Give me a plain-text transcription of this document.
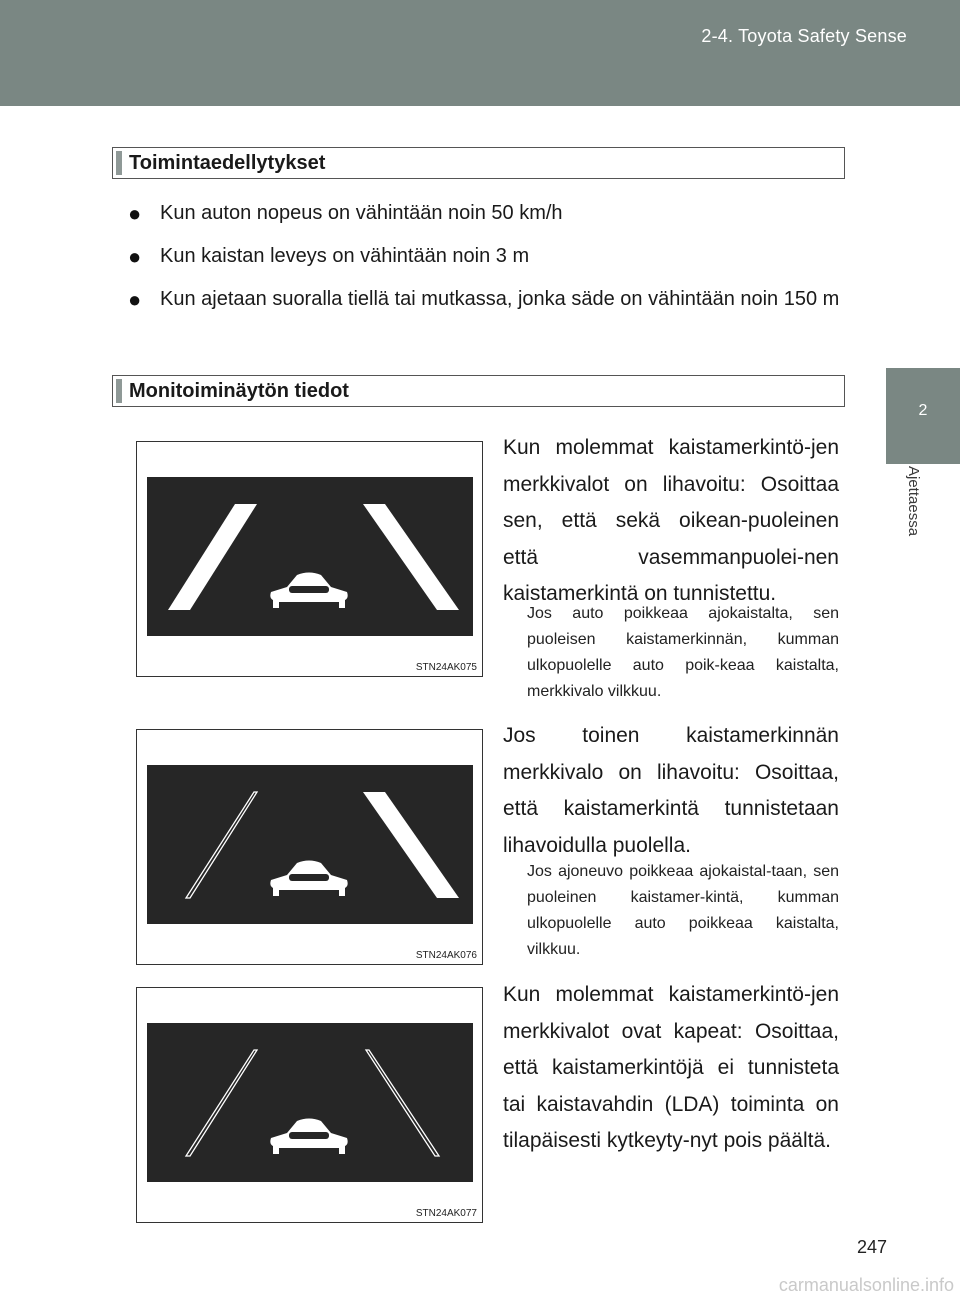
2-4. Toyota Safety Sense
2
Ajettaessa
Toimintaedellytykset
● Kun auton nopeus on vähintään noin 50 km/h
● Kun kaistan leveys on vähintään noin 3 m
● Kun ajetaan suoralla tiellä tai mutkassa, jonka säde on vähintään noin 150 m
Monitoiminäytön tiedot
STN24AK075
Kun molemmat kaistamerkintö-jen merkkivalot on lihavoitu: Osoittaa sen, että sekä oikean-puoleinen että vasemmanpuolei-nen kaistamerkintä on tunnistettu.
Jos auto poikkeaa ajokaistalta, sen puoleisen kaistamerkinnän, kumman ulkopuolelle auto poik-keaa kaistalta, merkkivalo vilkkuu.
STN24AK076
Jos toinen kaistamerkinnän merkkivalo on lihavoitu: Osoittaa, että kaistamerkintä tunnistetaan lihavoidulla puolella.
Jos ajoneuvo poikkeaa ajokaistal-taan, sen puoleinen kaistamer-kintä, kumman ulkopuolelle auto poikkeaa kaistalta, vilkkuu.
STN24AK077
Kun molemmat kaistamerkintö-jen merkkivalot ovat kapeat: Osoittaa, että kaistamerkintöjä ei tunnisteta tai kaistavahdin (LDA) toiminta on tilapäisesti kytkeyty-nyt pois päältä.
247
carmanualsonline.info
